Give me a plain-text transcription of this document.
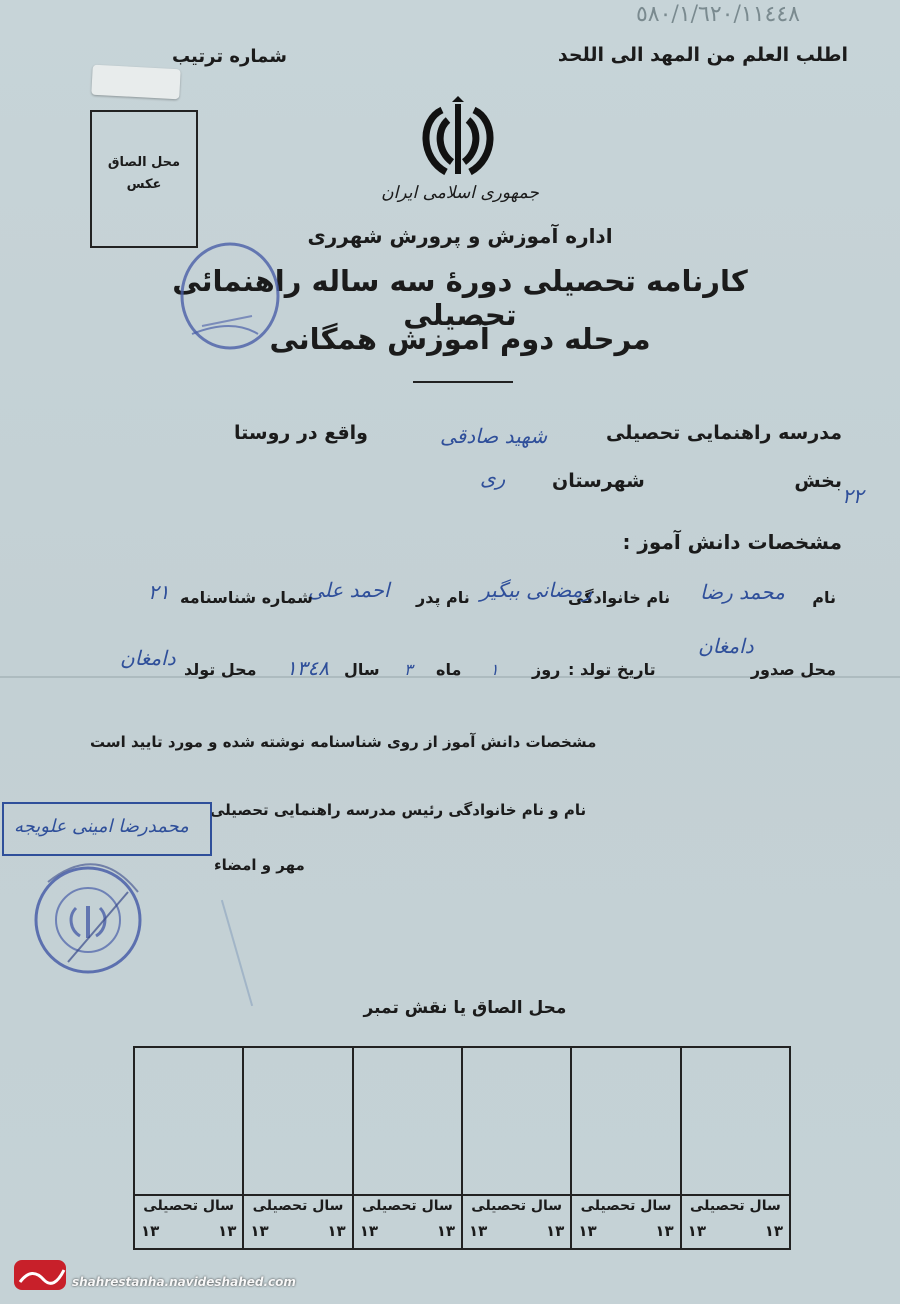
٥٨٠/١/٦٢٠/١١٤٤٨
اطلب العلم من المهد الی اللحد
شماره ترتیب
محل الصاق عکس	جمهوری اسلامی ایران
اداره آموزش و پرورش شهرری
کارنامه تحصیلی دورهٔ سه ساله راهنمائی تحصیلی
مرحله دوم آموزش همگانی
مدرسه راهنمایی تحصیلی
شهید صادقی
واقع در روستا
بخش
٢٢
شهرستان
ری
مشخصات دانش آموز :
نام
محمد رضا
نام خانوادگی
رمضانی ببگیر
نام پدر
احمد علی
شماره شناسنامه
٢١
محل صدور
دامغان
تاریخ تولد :
روز
١
ماه
٣
سال
١٣٤٨
محل تولد
دامغان
مشخصات دانش آموز از روی شناسنامه نوشته شده و مورد تایید است
نام و نام خانوادگی رئیس مدرسه راهنمایی تحصیلی
محمدرضا امینی علویجه
مهر و امضاء
محل الصاق یا نقش تمبر
سال تحصیلی
١٣	١٣
سال تحصیلی
١٣	١٣
سال تحصیلی
١٣	١٣
سال تحصیلی
١٣	١٣
سال تحصیلی
١٣	١٣
سال تحصیلی
١٣	١٣
shahrestanha.navideshahed.com
